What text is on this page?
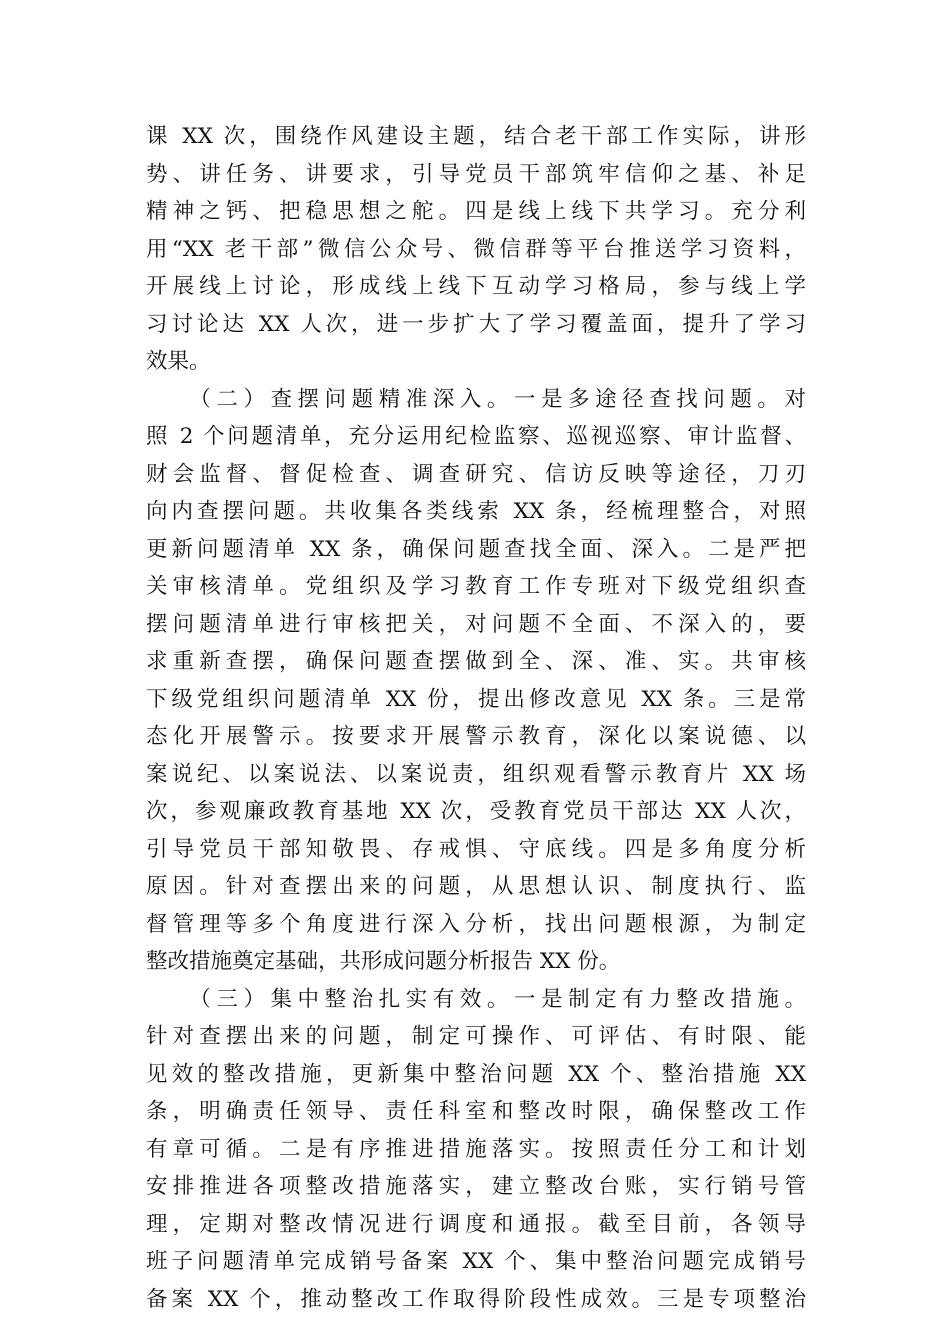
课 XX 次，围绕作风建设主题，结合老干部工作实际，讲形
势、讲任务、讲要求，引导党员干部筑牢信仰之基、补足
精神之钙、把稳思想之舵。四是线上线下共学习。充分利
用“XX 老干部”微信公众号、微信群等平台推送学习资料，
开展线上讨论，形成线上线下互动学习格局，参与线上学
习讨论达 XX 人次，进一步扩大了学习覆盖面，提升了学习
效果。
　　（二）查摆问题精准深入。一是多途径查找问题。对
照 2 个问题清单，充分运用纪检监察、巡视巡察、审计监督、
财会监督、督促检查、调查研究、信访反映等途径，刀刃
向内查摆问题。共收集各类线索 XX 条，经梳理整合，对照
更新问题清单 XX 条，确保问题查找全面、深入。二是严把
关审核清单。党组织及学习教育工作专班对下级党组织查
摆问题清单进行审核把关，对问题不全面、不深入的，要
求重新查摆，确保问题查摆做到全、深、准、实。共审核
下级党组织问题清单 XX 份，提出修改意见 XX 条。三是常
态化开展警示。按要求开展警示教育，深化以案说德、以
案说纪、以案说法、以案说责，组织观看警示教育片 XX 场
次，参观廉政教育基地 XX 次，受教育党员干部达 XX 人次，
引导党员干部知敬畏、存戒惧、守底线。四是多角度分析
原因。针对查摆出来的问题，从思想认识、制度执行、监
督管理等多个角度进行深入分析，找出问题根源，为制定
整改措施奠定基础，共形成问题分析报告 XX 份。
　　（三）集中整治扎实有效。一是制定有力整改措施。
针对查摆出来的问题，制定可操作、可评估、有时限、能
见效的整改措施，更新集中整治问题 XX 个、整治措施 XX
条，明确责任领导、责任科室和整改时限，确保整改工作
有章可循。二是有序推进措施落实。按照责任分工和计划
安排推进各项整改措施落实，建立整改台账，实行销号管
理，定期对整改情况进行调度和通报。截至目前，各领导
班子问题清单完成销号备案 XX 个、集中整治问题完成销号
备案 XX 个，推动整改工作取得阶段性成效。三是专项整治
